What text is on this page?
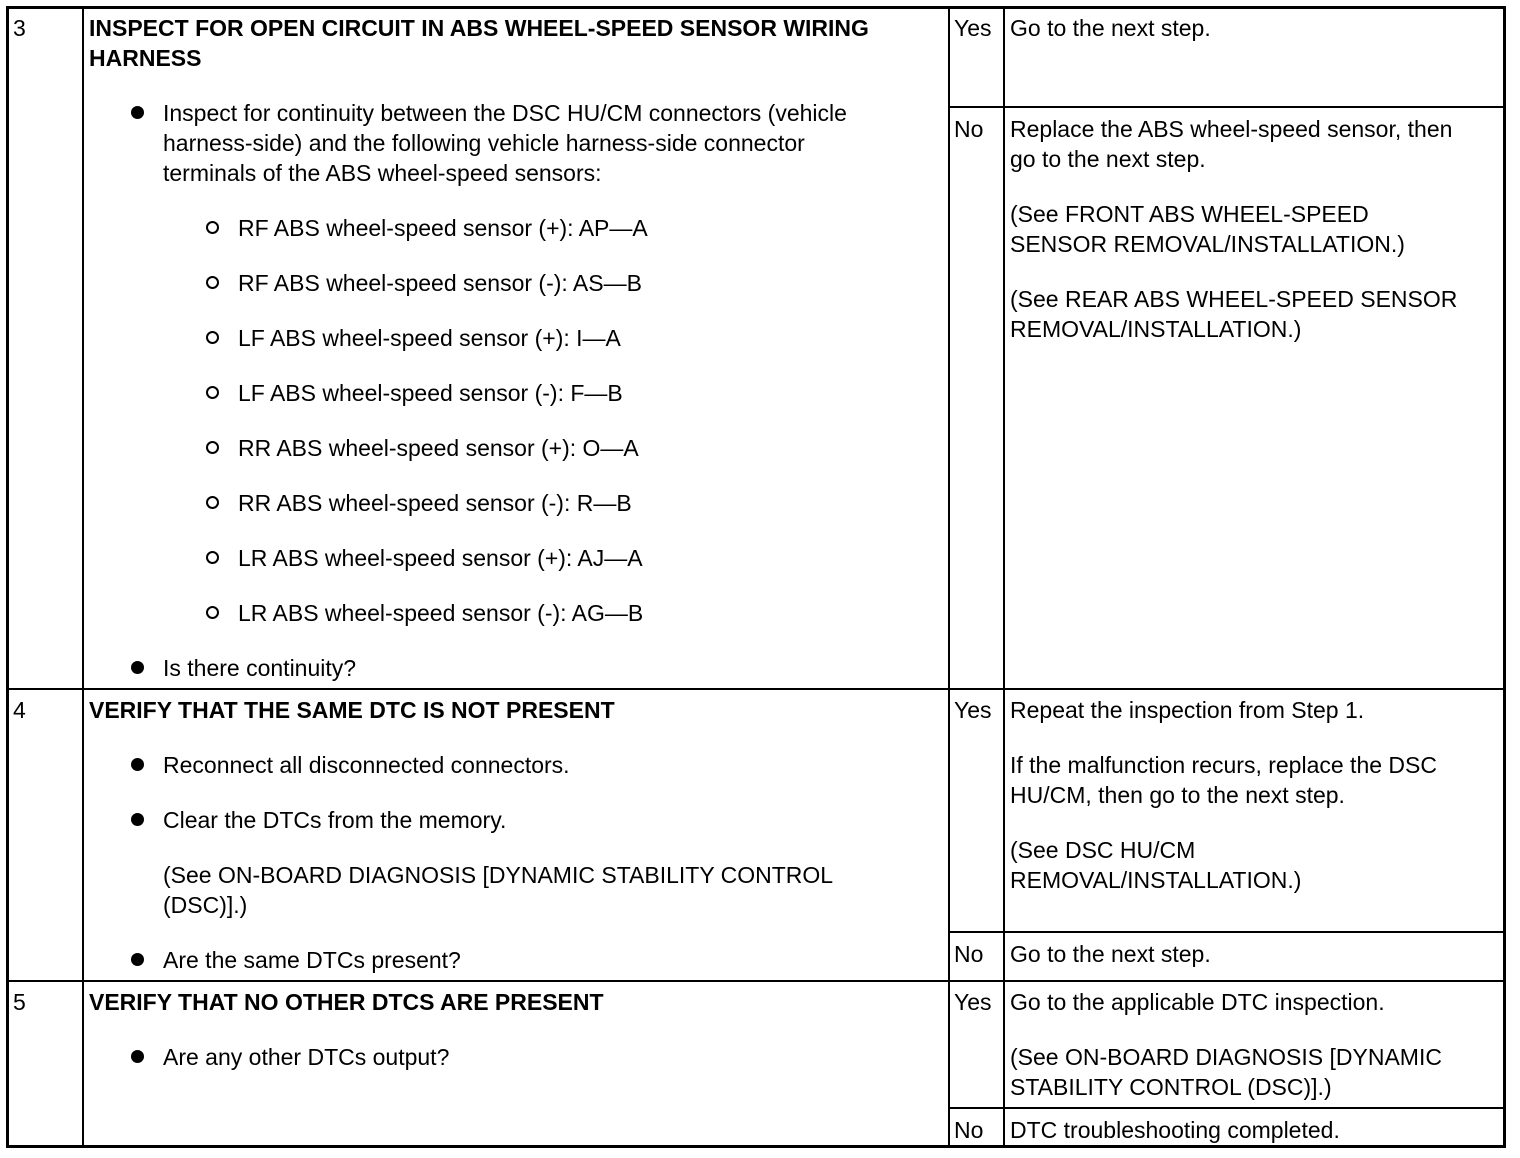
3	INSPECT FOR OPEN CIRCUIT IN ABS WHEEL-SPEED SENSOR WIRING
HARNESS
Inspect for continuity between the DSC HU/CM connectors (vehicle
harness-side) and the following vehicle harness-side connector
terminals of the ABS wheel-speed sensors:
RF ABS wheel-speed sensor (+): AP—A
RF ABS wheel-speed sensor (-): AS—B
LF ABS wheel-speed sensor (+): I—A
LF ABS wheel-speed sensor (-): F—B
RR ABS wheel-speed sensor (+): O—A
RR ABS wheel-speed sensor (-): R—B
LR ABS wheel-speed sensor (+): AJ—A
LR ABS wheel-speed sensor (-): AG—B
Is there continuity?
Yes Go to the next step.
No Replace the ABS wheel-speed sensor, then
go to the next step.
(See FRONT ABS WHEEL-SPEED
SENSOR REMOVAL/INSTALLATION.)
(See REAR ABS WHEEL-SPEED SENSOR
REMOVAL/INSTALLATION.)
4	VERIFY THAT THE SAME DTC IS NOT PRESENT
Reconnect all disconnected connectors.
Clear the DTCs from the memory.
(See ON-BOARD DIAGNOSIS [DYNAMIC STABILITY CONTROL
(DSC)].)
Are the same DTCs present?
Yes Repeat the inspection from Step 1.
If the malfunction recurs, replace the DSC
HU/CM, then go to the next step.
(See DSC HU/CM
REMOVAL/INSTALLATION.)
No Go to the next step.
5	VERIFY THAT NO OTHER DTCS ARE PRESENT
Are any other DTCs output?
Yes Go to the applicable DTC inspection.
(See ON-BOARD DIAGNOSIS [DYNAMIC
STABILITY CONTROL (DSC)].)
No DTC troubleshooting completed.
